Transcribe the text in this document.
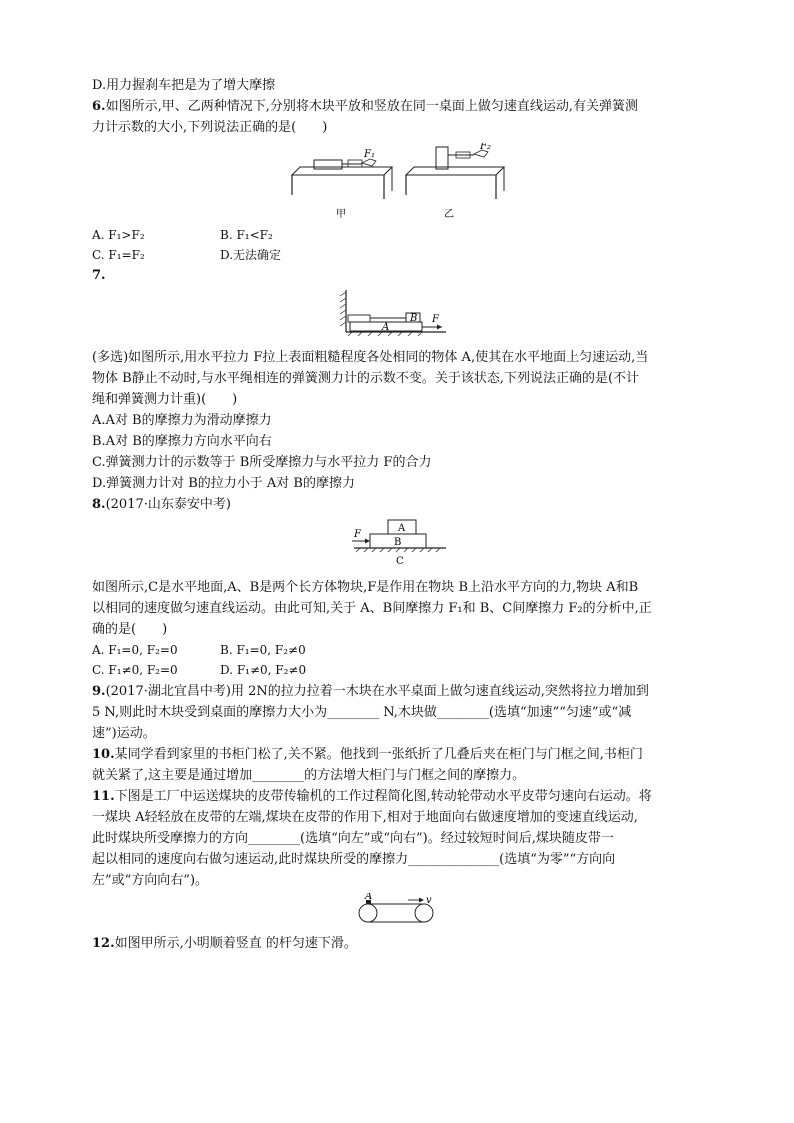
D.用力握刹车把是为了增大摩擦
6.如图所示,甲、乙两种情况下,分别将木块平放和竖放在同一桌面上做匀速直线运动,有关弹簧测
力计示数的大小,下列说法正确的是(　　)
F₁
甲
F₂
乙
A. F₁>F₂	B. F₁<F₂
C. F₁=F₂	D.无法确定
7.
B
A
F
(多选)如图所示,用水平拉力 F拉上表面粗糙程度各处相同的物体 A,使其在水平地面上匀速运动,当
物体 B静止不动时,与水平绳相连的弹簧测力计的示数不变。关于该状态,下列说法正确的是(不计
绳和弹簧测力计重)(　　)
A.A对 B的摩擦力为滑动摩擦力
B.A对 B的摩擦力方向水平向右
C.弹簧测力计的示数等于 B所受摩擦力与水平拉力 F的合力
D.弹簧测力计对 B的拉力小于 A对 B的摩擦力
8.(2017·山东泰安中考)
A
B
F
C
如图所示,C是水平地面,A、B是两个长方体物块,F是作用在物块 B上沿水平方向的力,物块 A和B
以相同的速度做匀速直线运动。由此可知,关于 A、B间摩擦力 F₁和 B、C间摩擦力 F₂的分析中,正
确的是(　　)
A. F₁=0, F₂=0	B. F₁=0, F₂≠0
C. F₁≠0, F₂=0	D. F₁≠0, F₂≠0
9.(2017·湖北宜昌中考)用 2N的拉力拉着一木块在水平桌面上做匀速直线运动,突然将拉力增加到
5 N,则此时木块受到桌面的摩擦力大小为________ N,木块做________(选填“加速”“匀速”或“减
速”)运动。
10.某同学看到家里的书柜门松了,关不紧。他找到一张纸折了几叠后夹在柜门与门框之间,书柜门
就关紧了,这主要是通过增加________的方法增大柜门与门框之间的摩擦力。
11.下图是工厂中运送煤块的皮带传输机的工作过程简化图,转动轮带动水平皮带匀速向右运动。将
一煤块 A轻轻放在皮带的左端,煤块在皮带的作用下,相对于地面向右做速度增加的变速直线运动,
此时煤块所受摩擦力的方向________(选填“向左”或“向右”)。经过较短时间后,煤块随皮带一
起以相同的速度向右做匀速运动,此时煤块所受的摩擦力______________(选填“为零”“方向向
左”或“方向向右”)。
A	v
12.如图甲所示,小明顺着竖直 的杆匀速下滑。
